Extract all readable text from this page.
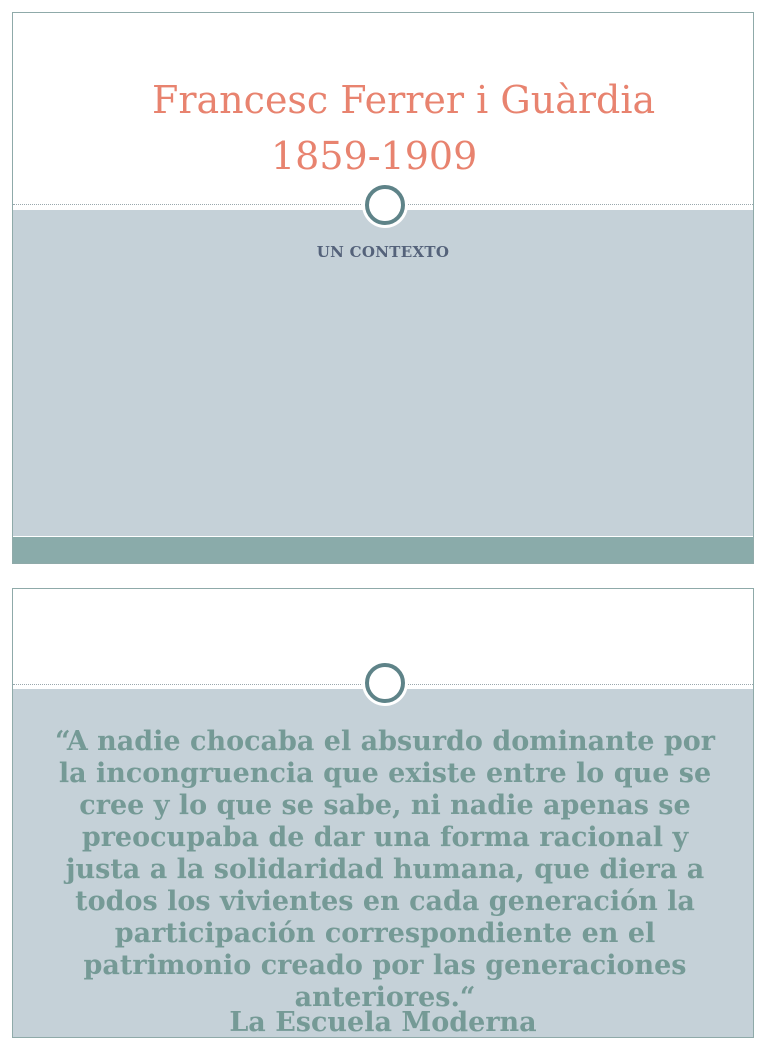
Francesc Ferrer i Guàrdia
1859-1909
UN CONTEXTO

“A nadie chocaba el absurdo dominante por la incongruencia que existe entre lo que se cree y lo que se sabe, ni nadie apenas se preocupaba de dar una forma racional y justa a la solidaridad humana, que diera a todos los vivientes en cada generación la participación correspondiente en el patrimonio creado por las generaciones anteriores.“

La Escuela Moderna
